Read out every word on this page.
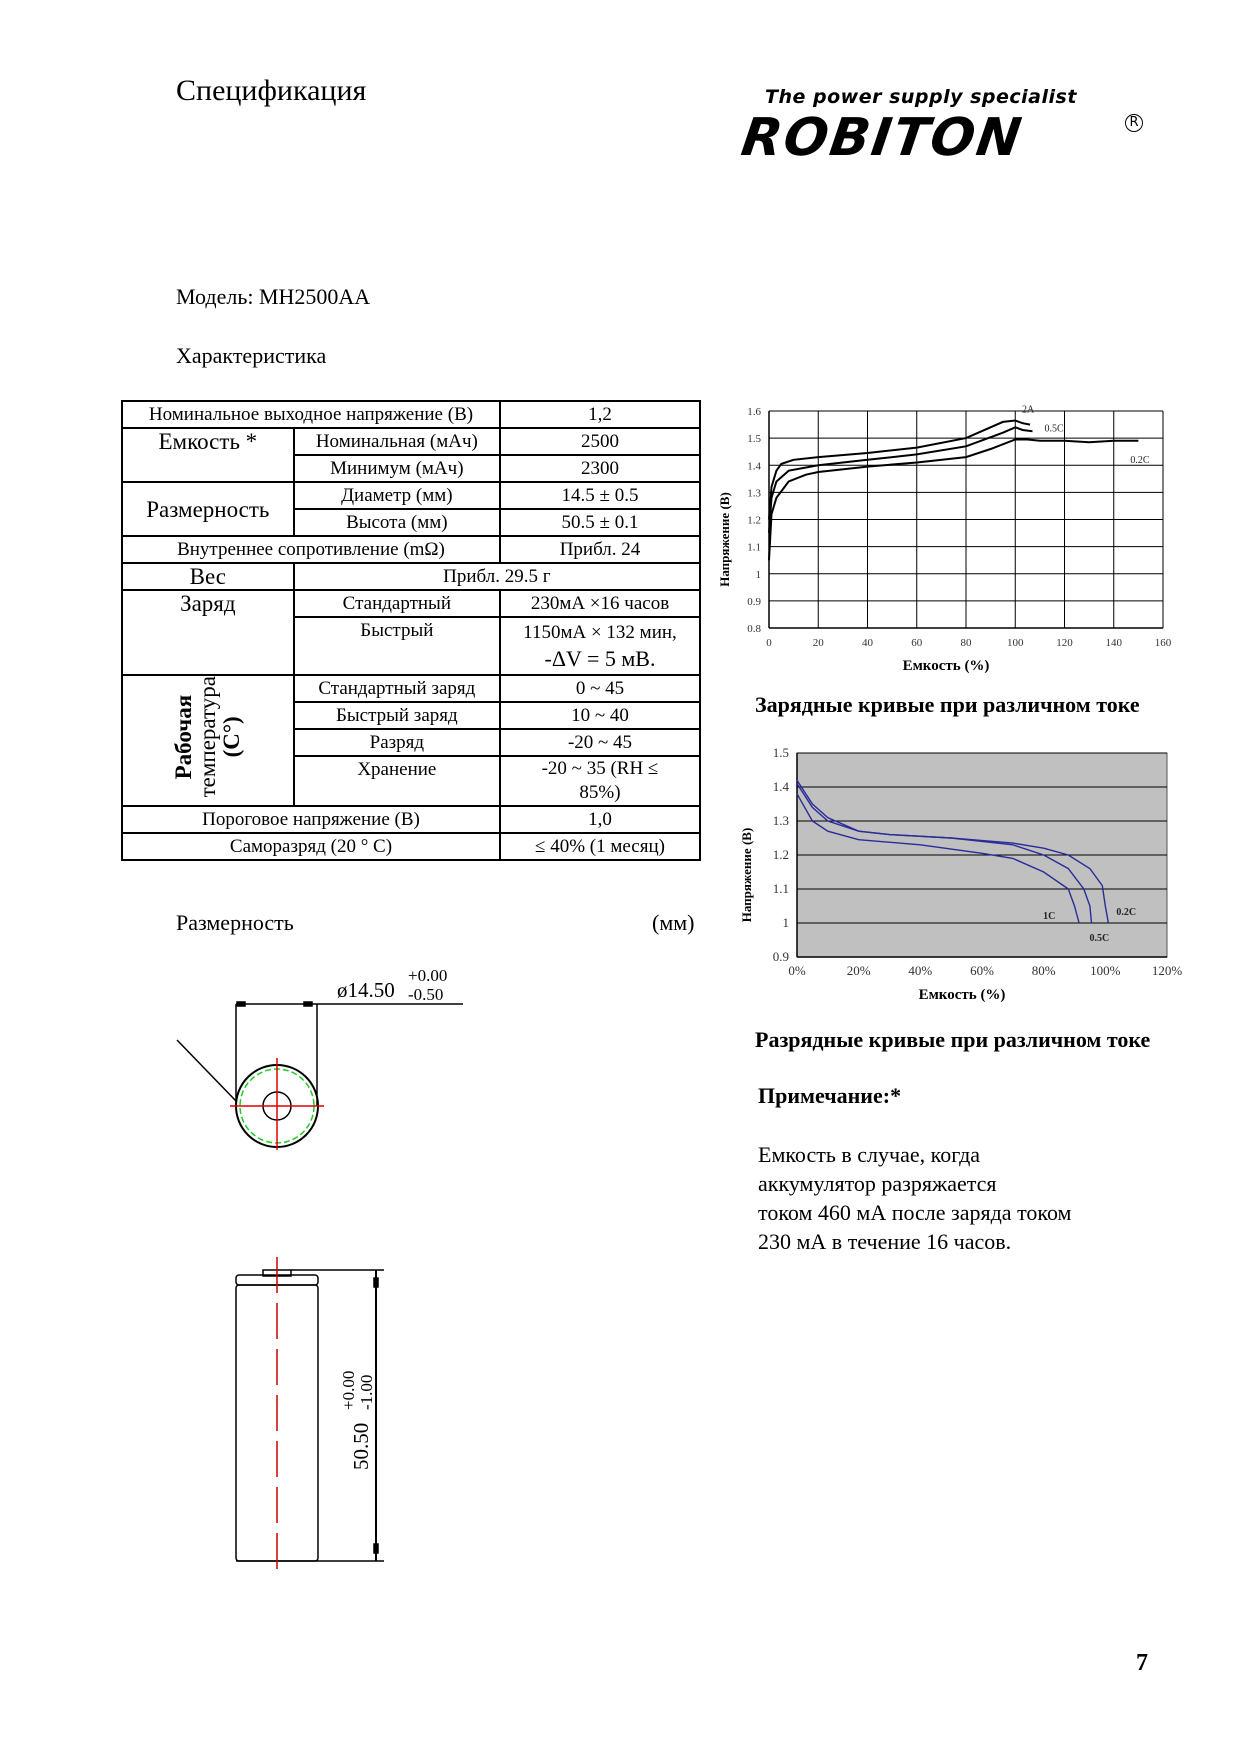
Спецификация	The power supply specialist
ROBITON	R
Модель: MH2500AA
Характеристика
Номинальное выходное напряжение (В)		1,2
Емкость *	Номинальная (мАч)	2500
	Минимум (мАч)	2300
Размерность	Диаметр (мм)	14.5 ± 0.5
	Высота (мм)	50.5 ± 0.1
Внутреннее сопротивление (mΩ)		Прибл. 24
Вес	Прибл. 29.5 г	
Заряд	Стандартный	230мА ×16 часов
	Быстрый	1150мА × 132 мин,
-ΔV = 5 мВ.

Рабочая
температура
(С°)	Стандартный заряд	0 ~ 45
	Быстрый заряд	10 ~ 40
	Разряд	-20 ~ 45
	Хранение	-20 ~ 35 (RH ≤
85%)

Пороговое напряжение (В)		1,0
Саморазряд (20 ° С)		≤ 40% (1 месяц)
Размерность	(мм)
ø14.50
+0.00
-0.50
50.50
+0.00 -1.00
0.8
0.9
1
1.1
1.2
1.3
1.4
1.5
1.6
0	20	40	60	80	100	120	140	160
Емкость (%)
Напряжение (В)
2A
0.5C
0.2C
Зарядные кривые при различном токе
0.9
1
1.1
1.2
1.3
1.4
1.5
0%	20%	40%	60%	80%	100% 120%
Емкость (%)
Напряжение (В)	0.2C
0.5C
1C
Разрядные кривые при различном токе
Примечание:*
Емкость в случае, когда
аккумулятор разряжается
током 460 мА после заряда током
230 мА в течение 16 часов.
7
